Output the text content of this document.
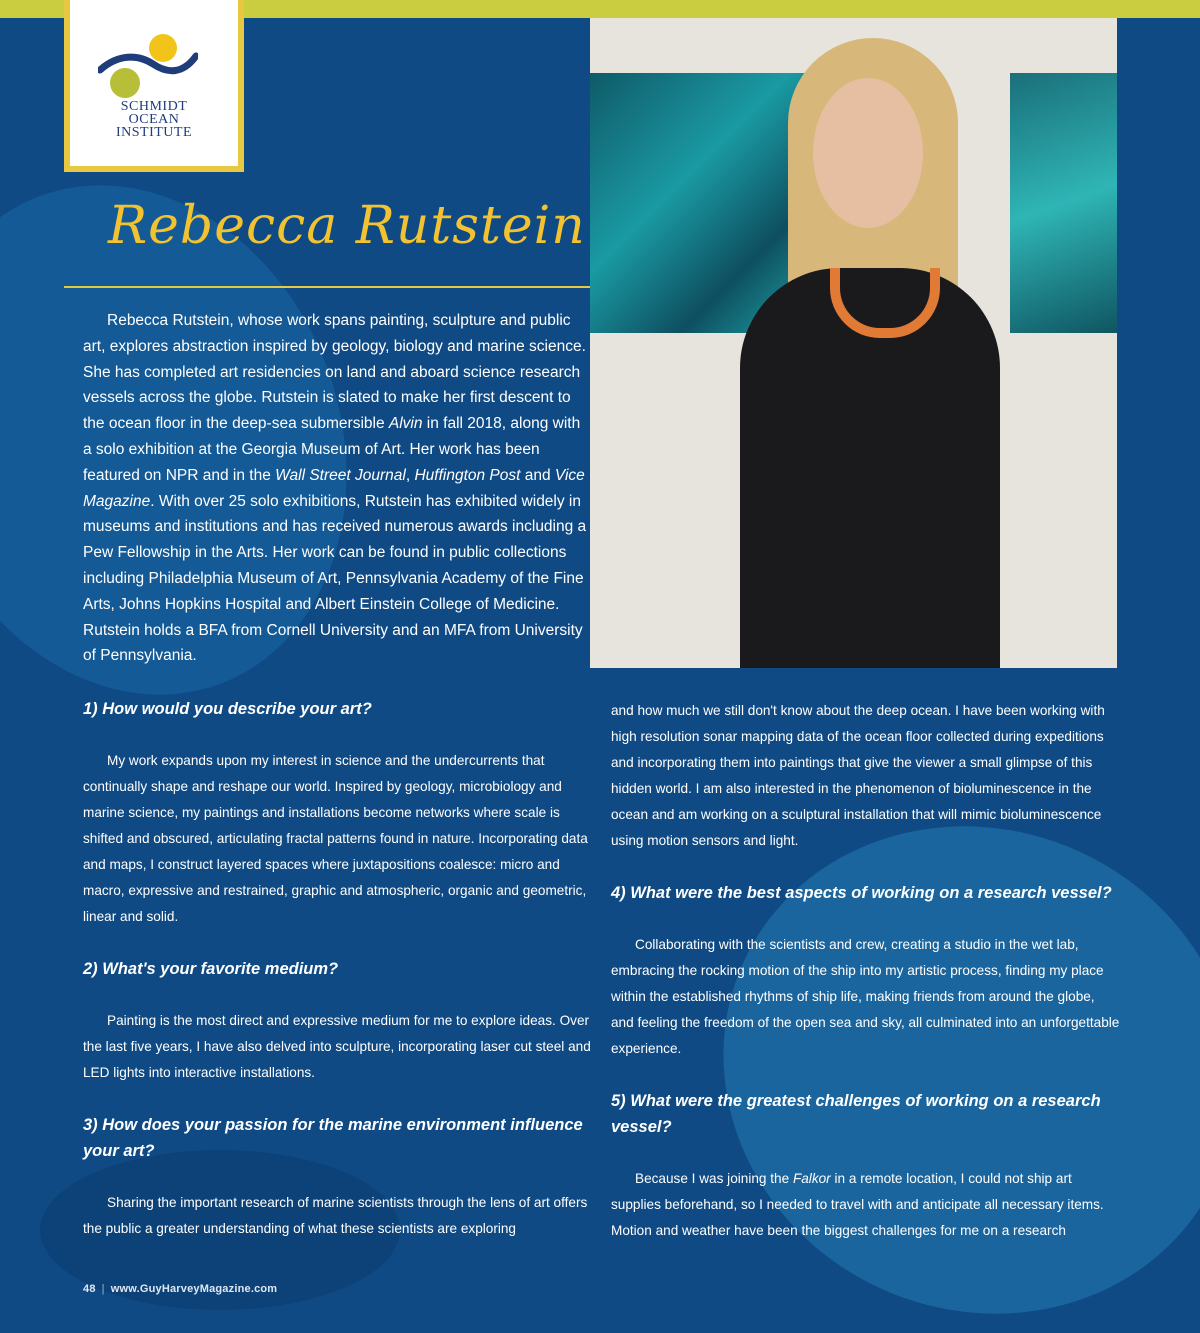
SCHMIDT
OCEAN
INSTITUTE
Rebecca Rutstein

Rebecca Rutstein, whose work spans painting, sculpture and public art, explores abstraction inspired by geology, biology and marine science. She has completed art residencies on land and aboard science research vessels across the globe. Rutstein is slated to make her first descent to the ocean floor in the deep-sea submersible Alvin in fall 2018, along with a solo exhibition at the Georgia Museum of Art. Her work has been featured on NPR and in the Wall Street Journal, Huffington Post and Vice Magazine. With over 25 solo exhibitions, Rutstein has exhibited widely in museums and institutions and has received numerous awards including a Pew Fellowship in the Arts. Her work can be found in public collections including Philadelphia Museum of Art, Pennsylvania Academy of the Fine Arts, Johns Hopkins Hospital and Albert Einstein College of Medicine. Rutstein holds a BFA from Cornell University and an MFA from University of Pennsylvania.

1) How would you describe your art?

My work expands upon my interest in science and the undercurrents that continually shape and reshape our world. Inspired by geology, microbiology and marine science, my paintings and installations become networks where scale is shifted and obscured, articulating fractal patterns found in nature. Incorporating data and maps, I construct layered spaces where juxtapositions coalesce: micro and macro, expressive and restrained, graphic and atmospheric, organic and geometric, linear and solid.

2) What's your favorite medium?

Painting is the most direct and expressive medium for me to explore ideas. Over the last five years, I have also delved into sculpture, incorporating laser cut steel and LED lights into interactive installations.

3) How does your passion for the marine environment influence your art?

Sharing the important research of marine scientists through the lens of art offers the public a greater understanding of what these scientists are exploring

and how much we still don't know about the deep ocean. I have been working with high resolution sonar mapping data of the ocean floor collected during expeditions and incorporating them into paintings that give the viewer a small glimpse of this hidden world. I am also interested in the phenomenon of bioluminescence in the ocean and am working on a sculptural installation that will mimic bioluminescence using motion sensors and light.

4) What were the best aspects of working on a research vessel?

Collaborating with the scientists and crew, creating a studio in the wet lab, embracing the rocking motion of the ship into my artistic process, finding my place within the established rhythms of ship life, making friends from around the globe, and feeling the freedom of the open sea and sky, all culminated into an unforgettable experience.

5) What were the greatest challenges of working on a research vessel?

Because I was joining the Falkor in a remote location, I could not ship art supplies beforehand, so I needed to travel with and anticipate all necessary items. Motion and weather have been the biggest challenges for me on a research

48 | www.GuyHarveyMagazine.com
